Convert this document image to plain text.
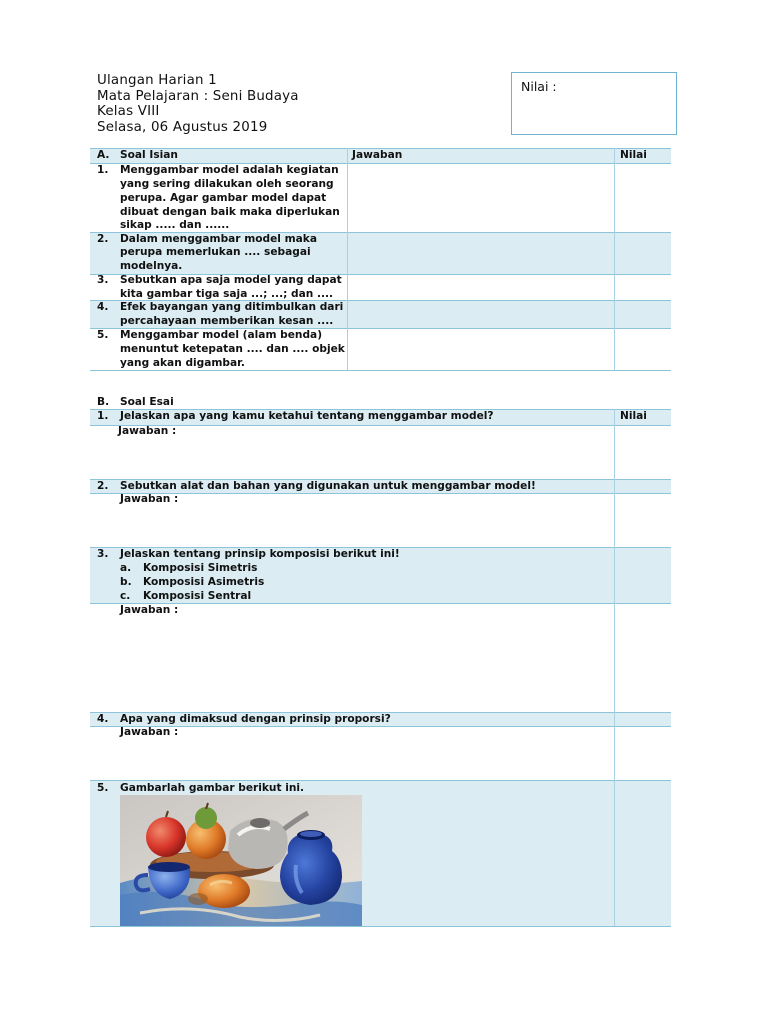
Ulangan Harian 1
Mata Pelajaran : Seni Budaya
Kelas VIII
Selasa, 06 Agustus 2019
Nilai :
A. Soal Isian	Jawaban	Nilai
1. Menggambar model adalah kegiatan
yang sering dilakukan oleh seorang
perupa. Agar gambar model dapat
dibuat dengan baik maka diperlukan
sikap ..... dan ......
2. Dalam menggambar model maka
perupa memerlukan .... sebagai
modelnya.
3. Sebutkan apa saja model yang dapat
kita gambar tiga saja ...; ...; dan ....
4. Efek bayangan yang ditimbulkan dari
percahayaan memberikan kesan ....
5. Menggambar model (alam benda)
menuntut ketepatan .... dan .... objek
yang akan digambar.
B. Soal Esai
1. Jelaskan apa yang kamu ketahui tentang menggambar model?	Nilai
Jawaban :
2. Sebutkan alat dan bahan yang digunakan untuk menggambar model!
Jawaban :
3. Jelaskan tentang prinsip komposisi berikut ini!
a. Komposisi Simetris
b. Komposisi Asimetris
c. Komposisi Sentral
Jawaban :
4. Apa yang dimaksud dengan prinsip proporsi?
Jawaban :
5. Gambarlah gambar berikut ini.
